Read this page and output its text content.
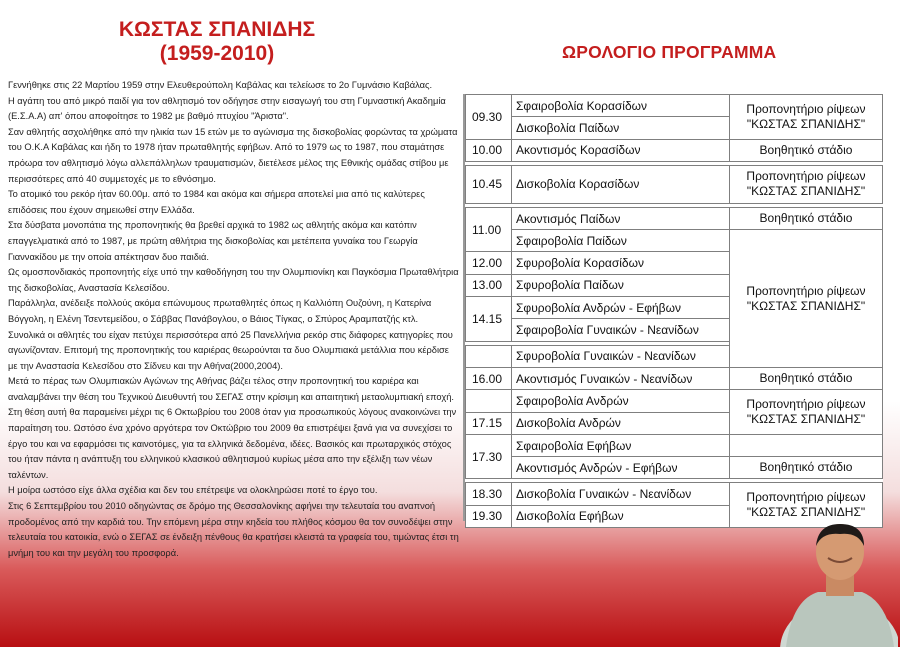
ΚΩΣΤΑΣ ΣΠΑΝΙΔΗΣ
(1959-2010)

Γεννήθηκε στις 22 Μαρτίου 1959 στην Ελευθερούπολη Καβάλας και τελείωσε το 2ο Γυμνάσιο Καβάλας.

Η αγάπη του από μικρό παιδί για τον αθλητισμό τον οδήγησε στην εισαγωγή του στη Γυμναστική Ακαδημία (Ε.Σ.Α.Α) απ' όπου αποφοίτησε το 1982 με βαθμό πτυχίου "Άριστα".

Σαν αθλητής ασχολήθηκε από την ηλικία των 15 ετών με το αγώνισμα της δισκοβολίας φορώντας τα χρώματα του Ο.Κ.Α Καβάλας και ήδη το 1978 ήταν πρωταθλητής εφήβων. Από το 1979 ως το 1987, που σταμάτησε πρόωρα τον αθλητισμό λόγω αλλεπάλληλων τραυματισμών, διετέλεσε μέλος της Εθνικής ομάδας στίβου με περισσότερες από 40 συμμετοχές με το εθνόσημο.

Το ατομικό του ρεκόρ ήταν 60.00μ. από το 1984 και ακόμα και σήμερα αποτελεί μια από τις καλύτερες επιδόσεις που έχουν σημειωθεί στην Ελλάδα.

Στα δύσβατα μονοπάτια της προπονητικής θα βρεθεί αρχικά το 1982 ως αθλητής ακόμα και κατόπιν επαγγελματικά από το 1987, με πρώτη αθλήτρια της δισκοβολίας και μετέπειτα γυναίκα του Γεωργία Γιαννακίδου με την οποία απέκτησαν δυο παιδιά.

Ως ομοσπονδιακός προπονητής είχε υπό την καθοδήγηση του την Ολυμπιονίκη και Παγκόσμια Πρωταθλήτρια της δισκοβολίας, Αναστασία Κελεσίδου.

Παράλληλα, ανέδειξε πολλούς ακόμα επώνυμους πρωταθλητές όπως η Καλλιόπη Ουζούνη, η Κατερίνα Βόγγολη, η Ελένη Τσεντεμείδου, ο Σάββας Πανάβογλου, ο Βάιος Τίγκας, ο Σπύρος Αραμπατζής κτλ.

Συνολικά οι αθλητές του είχαν πετύχει περισσότερα από 25 Πανελλήνια ρεκόρ στις διάφορες κατηγορίες που αγωνίζονταν. Επιτομή της προπονητικής του καριέρας θεωρούνται τα δυο Ολυμπιακά μετάλλια που κέρδισε με την Αναστασία Κελεσίδου στο Σίδνευ και την Αθήνα(2000,2004).

Μετά το πέρας των Ολυμπιακών Αγώνων της Αθήνας βάζει τέλος στην προπονητική του καριέρα και αναλαμβάνει την θέση του Τεχνικού Διευθυντή του ΣΕΓΑΣ στην κρίσιμη και απαιτητική μεταολυμπιακή εποχή. Στη θέση αυτή θα παραμείνει μέχρι τις 6 Οκτωβρίου του 2008 όταν για προσωπικούς λόγους ανακοινώνει την παραίτηση του. Ωστόσο ένα χρόνο αργότερα τον Οκτώβριο του 2009 θα επιστρέψει ξανά για να συνεχίσει το έργο του και να εφαρμόσει τις καινοτόμες, για τα ελληνικά δεδομένα, ιδέες. Βασικός και πρωταρχικός στόχος του ήταν πάντα η ανάπτυξη του ελληνικού κλασικού αθλητισμού κυρίως μέσα απο την εξέλιξη των νέων ταλέντων.

Η μοίρα ωστόσο είχε άλλα σχέδια και δεν του επέτρεψε να ολοκληρώσει ποτέ το έργο του.

Στις 6 Σεπτεμβρίου του 2010 οδηγώντας σε δρόμο της Θεσσαλονίκης αφήνει την τελευταία του αναπνοή προδομένος από την καρδιά του. Την επόμενη μέρα στην κηδεία του πλήθος κόσμου θα τον συνοδέψει στην τελευταία του κατοικία, ενώ ο ΣΕΓΑΣ σε ένδειξη πένθους θα κρατήσει κλειστά τα γραφεία του, τιμώντας έτσι τη μνήμη του και την μεγάλη του προσφορά.

ΩΡΟΛΟΓΙΟ ΠΡΟΓΡΑΜΜΑ
09.30	Σφαιροβολία Κορασίδων	Προπονητήριο ρίψεων
"ΚΩΣΤΑΣ ΣΠΑΝΙΔΗΣ"

	Δισκοβολία Παίδων	
10.00	Ακοντισμός Κορασίδων	Βοηθητικό στάδιο

10.45	Δισκοβολία Κορασίδων	Προπονητήριο ρίψεων
"ΚΩΣΤΑΣ ΣΠΑΝΙΔΗΣ"

11.00	Ακοντισμός Παίδων	Βοηθητικό στάδιο
	Σφαιροβολία Παίδων	Προπονητήριο ρίψεων
"ΚΩΣΤΑΣ ΣΠΑΝΙΔΗΣ"

12.00	Σφυροβολία Κορασίδων	
13.00	Σφυροβολία Παίδων	
14.15	Σφυροβολία Ανδρών - Εφήβων	
	Σφαιροβολία Γυναικών - Νεανίδων	

	Σφυροβολία Γυναικών - Νεανίδων	
16.00	Ακοντισμός Γυναικών - Νεανίδων	Βοηθητικό στάδιο
	Σφαιροβολία Ανδρών	Προπονητήριο ρίψεων
"ΚΩΣΤΑΣ ΣΠΑΝΙΔΗΣ"

17.15	Δισκοβολία Ανδρών	
17.30	Σφαιροβολία Εφήβων	
	Ακοντισμός Ανδρών - Εφήβων	Βοηθητικό στάδιο

18.30	Δισκοβολία Γυναικών - Νεανίδων	Προπονητήριο ρίψεων
"ΚΩΣΤΑΣ ΣΠΑΝΙΔΗΣ"

19.30	Δισκοβολία Εφήβων	
